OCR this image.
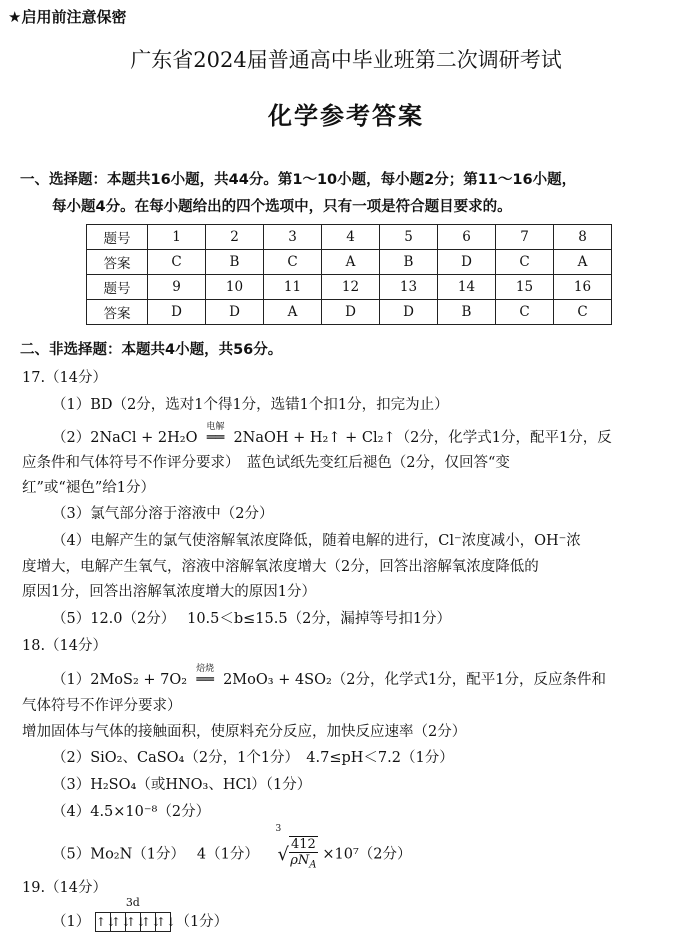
★启用前注意保密
广东省2024届普通高中毕业班第二次调研考试
化学参考答案
一、选择题：本题共16小题，共44分。第1～10小题，每小题2分；第11～16小题，
每小题4分。在每小题给出的四个选项中，只有一项是符合题目要求的。
题号	1	2	3	4	5	6	7	8
答案	C	B	C	A	B	D	C	A
题号	9	10	11	12	13	14	15	16
答案	D	D	A	D	D	B	C	C
二、非选择题：本题共4小题，共56分。
17.（14分）
（1）BD（2分，选对1个得1分，选错1个扣1分，扣完为止）
（2）2NaCl + 2H₂O
电解
══ 2NaOH + H₂↑ + Cl₂↑（2分，化学式1分，配平1分，反
应条件和气体符号不作评分要求）　蓝色试纸先变红后褪色（2分，仅回答“变
红”或“褪色”给1分）
（3）氯气部分溶于溶液中（2分）
（4）电解产生的氯气使溶解氧浓度降低，随着电解的进行，Cl⁻浓度减小，OH⁻浓
度增大，电解产生氧气，溶液中溶解氧浓度增大（2分，回答出溶解氧浓度降低的
原因1分，回答出溶解氧浓度增大的原因1分）
（5）12.0（2分）　 10.5＜b≤15.5（2分，漏掉等号扣1分）
18.（14分）
（1）2MoS₂ + 7O₂
焙烧
══ 2MoO₃ + 4SO₂（2分，化学式1分，配平1分，反应条件和
气体符号不作评分要求）
增加固体与气体的接触面积，使原料充分反应，加快反应速率（2分）
（2）SiO₂、CaSO₄（2分，1个1分）　4.7≤pH＜7.2（1分）
（3）H₂SO₄（或HNO₃、HCl）（1分）
（4）4.5×10⁻⁸（2分）
（5）Mo₂N（1分）　 4（1分）
3
√ 412
$\rho N_A$
×10⁷（2分）
19.（14分）
（1）
3d
↑↓↑↓↑↓↑↓↑↓ （1分）
